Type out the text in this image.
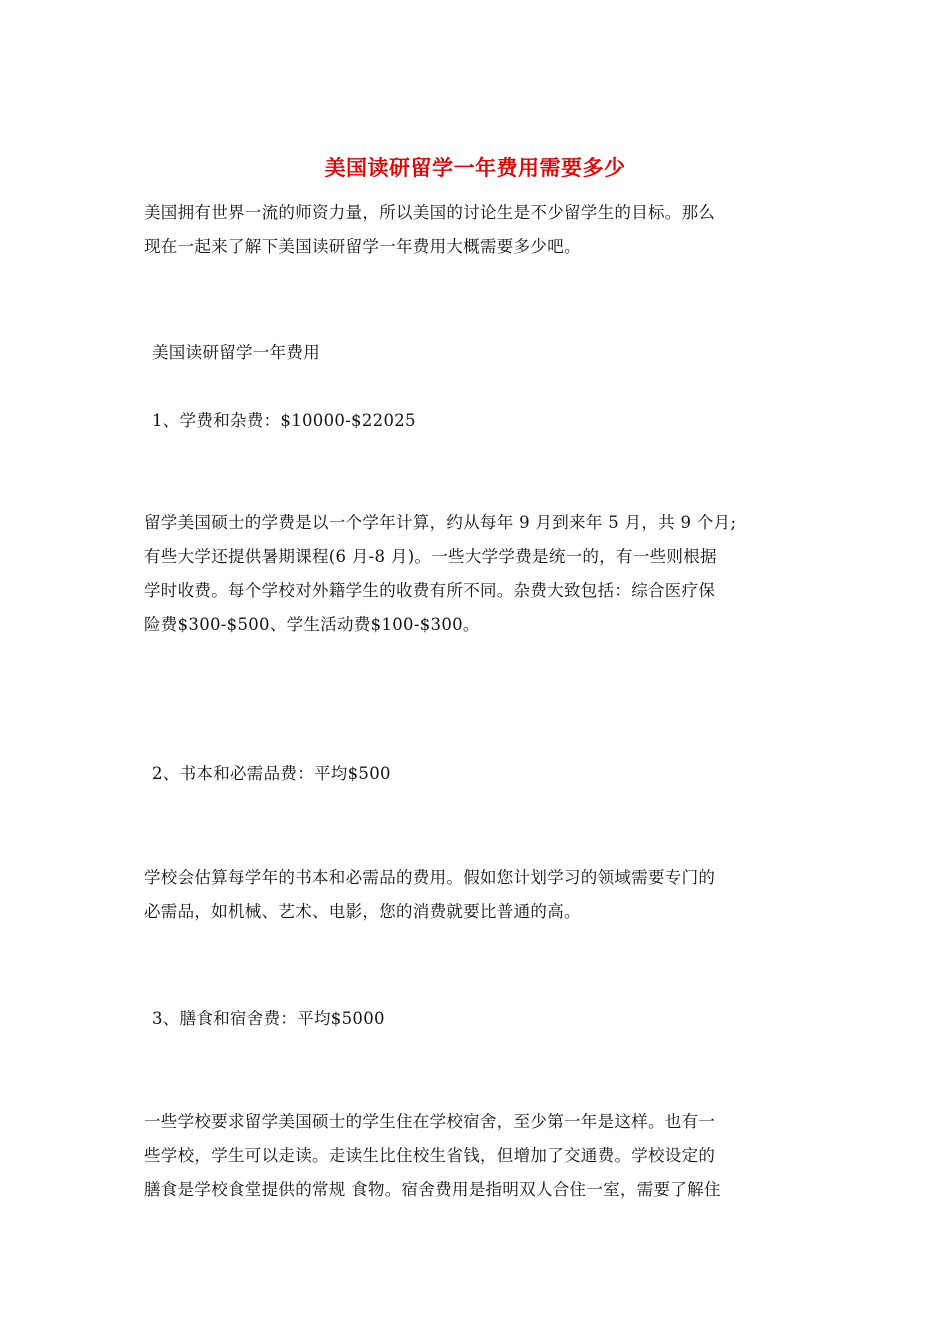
美国读研留学一年费用需要多少
美国拥有世界一流的师资力量，所以美国的讨论生是不少留学生的目标。那么
现在一起来了解下美国读研留学一年费用大概需要多少吧。
美国读研留学一年费用
1、学费和杂费：$10000-$22025
留学美国硕士的学费是以一个学年计算，约从每年 9 月到来年 5 月，共 9 个月;
有些大学还提供暑期课程(6 月-8 月)。一些大学学费是统一的，有一些则根据
学时收费。每个学校对外籍学生的收费有所不同。杂费大致包括：综合医疗保
险费$300-$500、学生活动费$100-$300。
2、书本和必需品费：平均$500
学校会估算每学年的书本和必需品的费用。假如您计划学习的领域需要专门的
必需品，如机械、艺术、电影，您的消费就要比普通的高。
3、膳食和宿舍费：平均$5000
一些学校要求留学美国硕士的学生住在学校宿舍，至少第一年是这样。也有一
些学校，学生可以走读。走读生比住校生省钱，但增加了交通费。学校设定的
膳食是学校食堂提供的常规 食物。宿舍费用是指明双人合住一室，需要了解住
